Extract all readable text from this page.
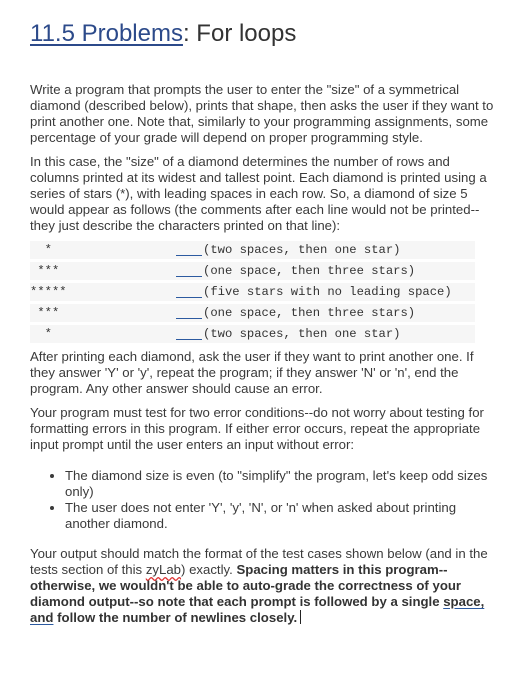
11.5 Problems: For loops
Write a program that prompts the user to enter the "size" of a symmetrical diamond (described below), prints that shape, then asks the user if they want to print another one. Note that, similarly to your programming assignments, some percentage of your grade will depend on proper programming style.
In this case, the "size" of a diamond determines the number of rows and columns printed at its widest and tallest point. Each diamond is printed using a series of stars (*), with leading spaces in each row. So, a diamond of size 5 would appear as follows (the comments after each line would not be printed--they just describe the characters printed on that line):
*	(two spaces, then one star)
***	(one space, then three stars)
*****	(five stars with no leading space)
***	(one space, then three stars)
*	(two spaces, then one star)
After printing each diamond, ask the user if they want to print another one. If they answer 'Y' or 'y', repeat the program; if they answer 'N' or 'n', end the program. Any other answer should cause an error.
Your program must test for two error conditions--do not worry about testing for formatting errors in this program. If either error occurs, repeat the appropriate input prompt until the user enters an input without error:
• The diamond size is even (to "simplify" the program, let's keep odd sizes only)
• The user does not enter 'Y', 'y', 'N', or 'n' when asked about printing another diamond.
Your output should match the format of the test cases shown below (and in the tests section of this zyLab) exactly. Spacing matters in this program--otherwise, we wouldn't be able to auto-grade the correctness of your diamond output--so note that each prompt is followed by a single space, and follow the number of newlines closely.
